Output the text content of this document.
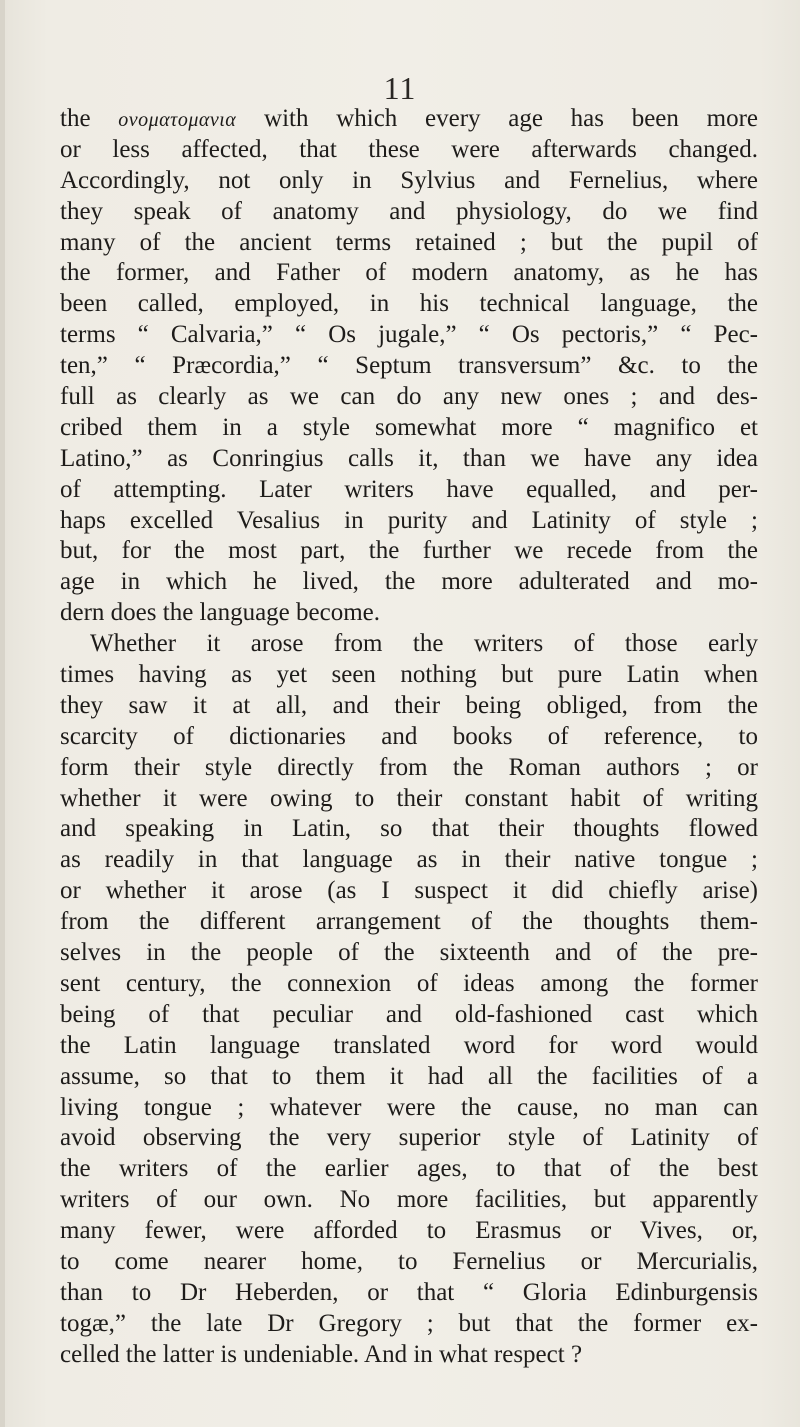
11
the ονοματομανια with which every age has been more
or less affected, that these were afterwards changed.
Accordingly, not only in Sylvius and Fernelius, where
they speak of anatomy and physiology, do we find
many of the ancient terms retained ; but the pupil of
the former, and Father of modern anatomy, as he has
been called, employed, in his technical language, the
terms “ Calvaria,” “ Os jugale,” “ Os pectoris,” “ Pec-
ten,” “ Præcordia,” “ Septum transversum” &c. to the
full as clearly as we can do any new ones ; and des-
cribed them in a style somewhat more “ magnifico et
Latino,” as Conringius calls it, than we have any idea
of attempting. Later writers have equalled, and per-
haps excelled Vesalius in purity and Latinity of style ;
but, for the most part, the further we recede from the
age in which he lived, the more adulterated and mo-
dern does the language become.
Whether it arose from the writers of those early
times having as yet seen nothing but pure Latin when
they saw it at all, and their being obliged, from the
scarcity of dictionaries and books of reference, to
form their style directly from the Roman authors ; or
whether it were owing to their constant habit of writing
and speaking in Latin, so that their thoughts flowed
as readily in that language as in their native tongue ;
or whether it arose (as I suspect it did chiefly arise)
from the different arrangement of the thoughts them-
selves in the people of the sixteenth and of the pre-
sent century, the connexion of ideas among the former
being of that peculiar and old-fashioned cast which
the Latin language translated word for word would
assume, so that to them it had all the facilities of a
living tongue ; whatever were the cause, no man can
avoid observing the very superior style of Latinity of
the writers of the earlier ages, to that of the best
writers of our own. No more facilities, but apparently
many fewer, were afforded to Erasmus or Vives, or,
to come nearer home, to Fernelius or Mercurialis,
than to Dr Heberden, or that “ Gloria Edinburgensis
togæ,” the late Dr Gregory ; but that the former ex-
celled the latter is undeniable. And in what respect ?
